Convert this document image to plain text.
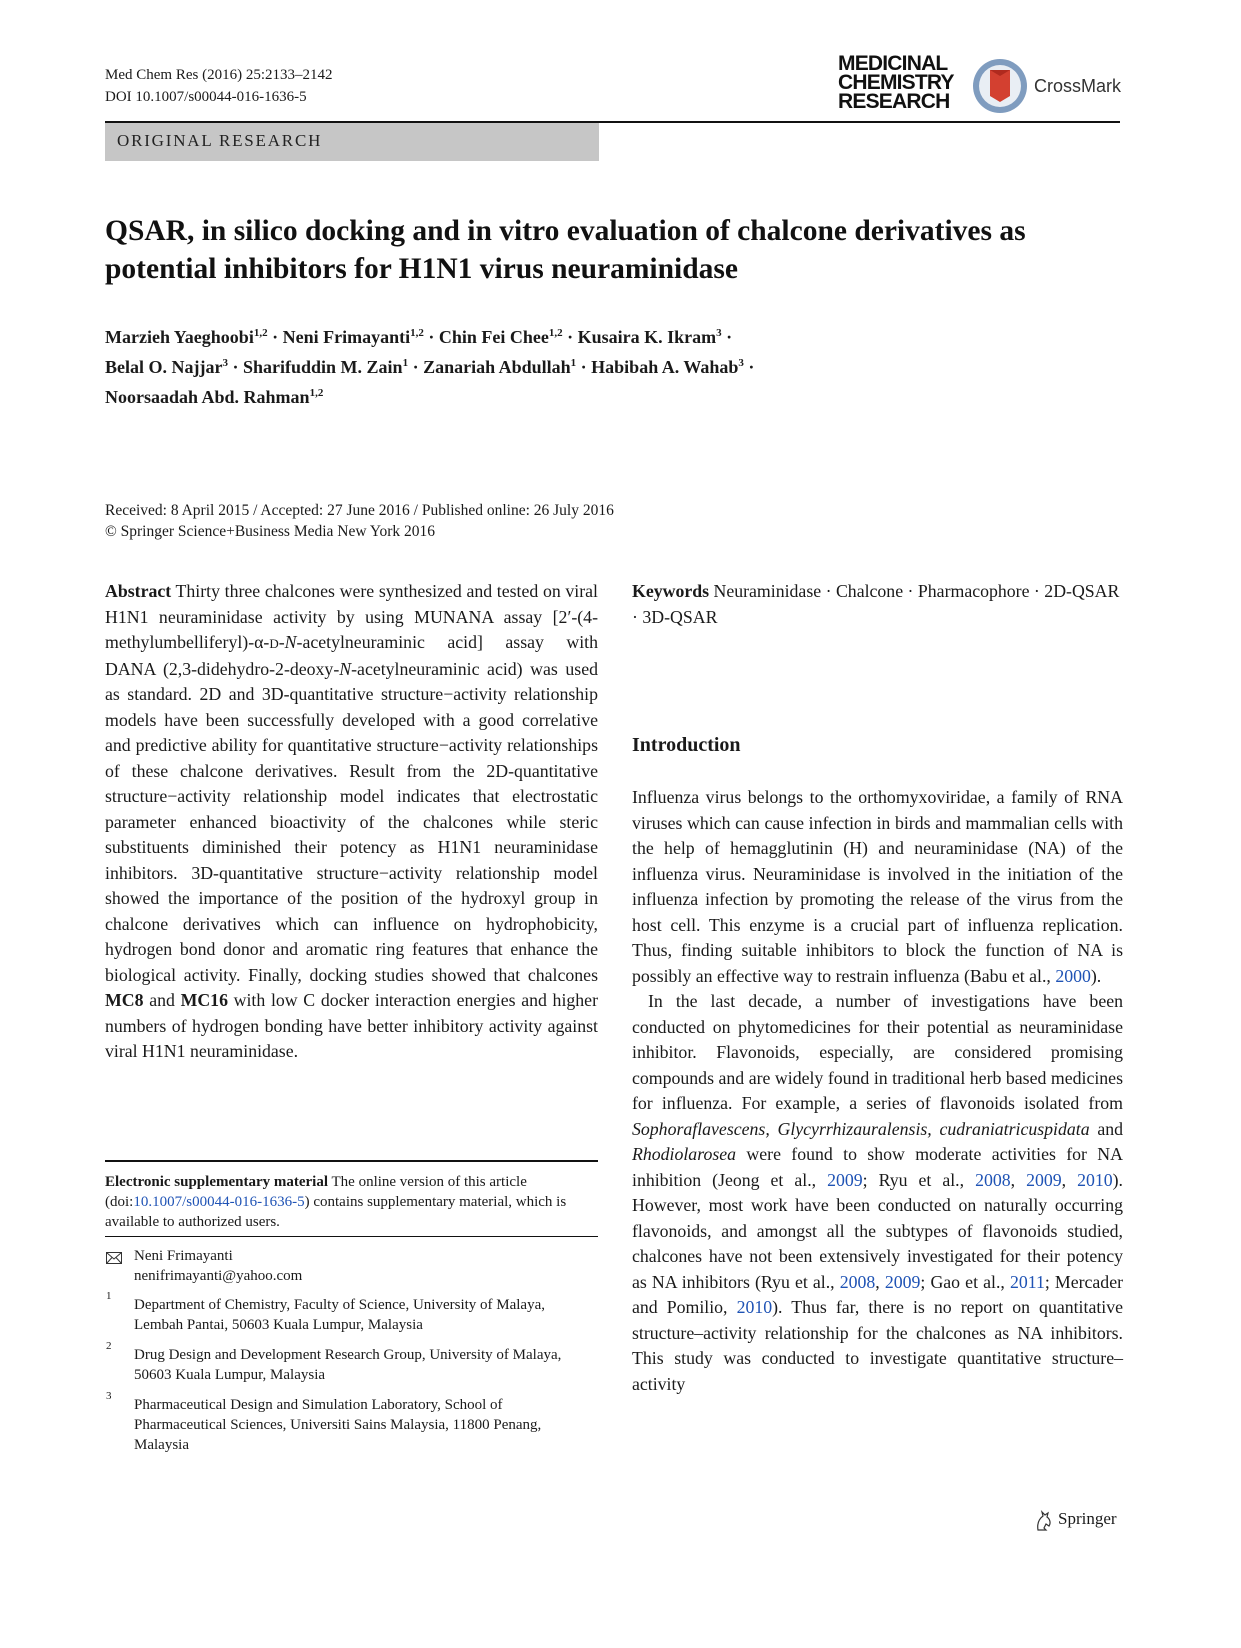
Med Chem Res (2016) 25:2133–2142
DOI 10.1007/s00044-016-1636-5
MEDICINAL
CHEMISTRY
RESEARCH
CrossMark
ORIGINAL RESEARCH
QSAR, in silico docking and in vitro evaluation of chalcone derivatives as potential inhibitors for H1N1 virus neuraminidase
Marzieh Yaeghoobi$^{1,2}$ · Neni Frimayanti$^{1,2}$ · Chin Fei Chee$^{1,2}$ · Kusaira K. Ikram$^3$ ·
Belal O. Najjar$^3$ · Sharifuddin M. Zain$^1$ · Zanariah Abdullah$^1$ · Habibah A. Wahab$^3$ ·
Noorsaadah Abd. Rahman$^{1,2}$
Received: 8 April 2015 / Accepted: 27 June 2016 / Published online: 26 July 2016
© Springer Science+Business Media New York 2016
Abstract Thirty three chalcones were synthesized and tested on viral H1N1 neuraminidase activity by using MUNANA assay [2′-(4-methylumbelliferyl)-α-D-N-acetylneuraminic acid] assay with DANA (2,3-didehydro-2-deoxy-N-acetylneuraminic acid) was used as standard. 2D and 3D-quantitative structure−activity relationship models have been successfully developed with a good correlative and predictive ability for quantitative structure−activity relationships of these chalcone derivatives. Result from the 2D-quantitative structure−activity relationship model indicates that electrostatic parameter enhanced bioactivity of the chalcones while steric substituents diminished their potency as H1N1 neuraminidase inhibitors. 3D-quantitative structure−activity relationship model showed the importance of the position of the hydroxyl group in chalcone derivatives which can influence on hydrophobicity, hydrogen bond donor and aromatic ring features that enhance the biological activity. Finally, docking studies showed that chalcones MC8 and MC16 with low C docker interaction energies and higher numbers of hydrogen bonding have better inhibitory activity against viral H1N1 neuraminidase.
Electronic supplementary material The online version of this article (doi:10.1007/s00044-016-1636-5) contains supplementary material, which is available to authorized users.
Neni Frimayanti
nenifrimayanti@yahoo.com
1
Department of Chemistry, Faculty of Science, University of Malaya, Lembah Pantai, 50603 Kuala Lumpur, Malaysia
2
Drug Design and Development Research Group, University of Malaya, 50603 Kuala Lumpur, Malaysia
3
Pharmaceutical Design and Simulation Laboratory, School of Pharmaceutical Sciences, Universiti Sains Malaysia, 11800 Penang, Malaysia
Keywords Neuraminidase · Chalcone · Pharmacophore · 2D-QSAR · 3D-QSAR
Introduction

Influenza virus belongs to the orthomyxoviridae, a family of RNA viruses which can cause infection in birds and mammalian cells with the help of hemagglutinin (H) and neuraminidase (NA) of the influenza virus. Neuraminidase is involved in the initiation of the influenza infection by promoting the release of the virus from the host cell. This enzyme is a crucial part of influenza replication. Thus, finding suitable inhibitors to block the function of NA is possibly an effective way to restrain influenza (Babu et al., 2000).

In the last decade, a number of investigations have been conducted on phytomedicines for their potential as neuraminidase inhibitor. Flavonoids, especially, are considered promising compounds and are widely found in traditional herb based medicines for influenza. For example, a series of flavonoids isolated from Sophoraflavescens, Glycyrrhizauralensis, cudraniatricuspidata and Rhodiolarosea were found to show moderate activities for NA inhibition (Jeong et al., 2009; Ryu et al., 2008, 2009, 2010). However, most work have been conducted on naturally occurring flavonoids, and amongst all the subtypes of flavonoids studied, chalcones have not been extensively investigated for their potency as NA inhibitors (Ryu et al., 2008, 2009; Gao et al., 2011; Mercader and Pomilio, 2010). Thus far, there is no report on quantitative structure–activity relationship for the chalcones as NA inhibitors. This study was conducted to investigate quantitative structure–activity

Springer
